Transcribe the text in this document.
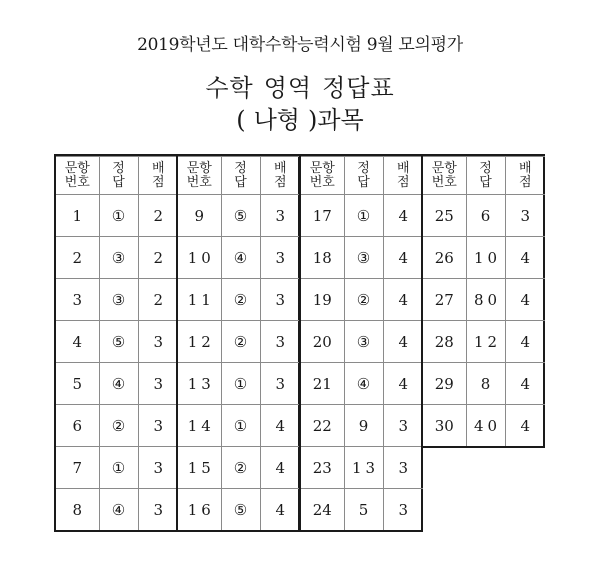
2019학년도 대학수학능력시험 9월 모의평가
수학 영역 정답표
( 나형 )과목
문항
번호	정답	배점
1	①	2
2	③	2
3	③	2
4	⑤	3
5	④	3
6	②	3
7	①	3
8	④	3
문항
번호	정답	배점
9	⑤	3
10	④	3
11	②	3
12	②	3
13	①	3
14	①	4
15	②	4
16	⑤	4
문항
번호	정답	배점
17	①	4
18	③	4
19	②	4
20	③	4
21	④	4
22	9	3
23	13	3
24	5	3
문항
번호	정답	배점
25	6	3
26	10	4
27	80	4
28	12	4
29	8	4
30	40	4
